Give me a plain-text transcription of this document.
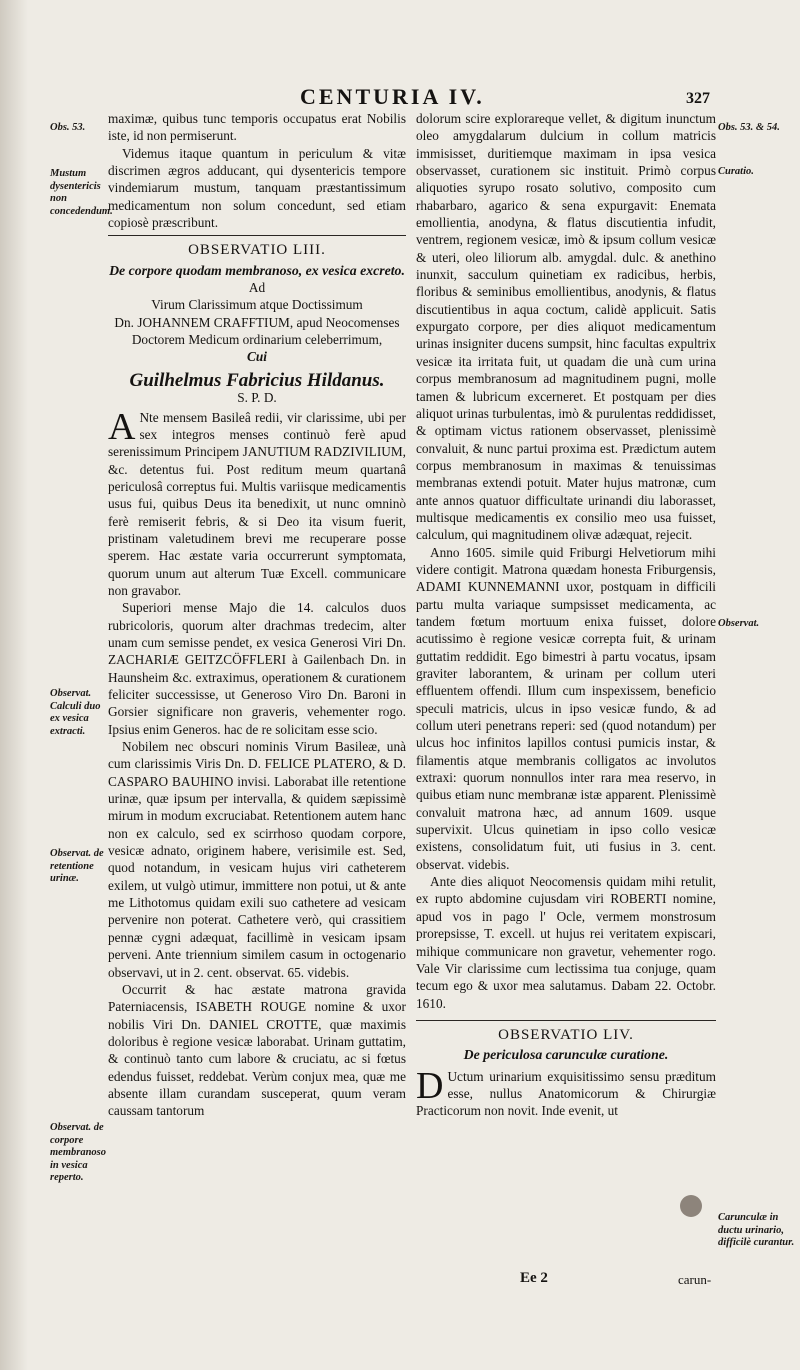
CENTURIA IV.	327
Obs. 53.
Mustum dysentericis non concedendum.
Observat. Calculi duo ex vesica extracti.
Observat. de retentione urinæ.
Observat. de corpore membranoso in vesica reperto.
Obs. 53. & 54.
Curatio.
Observat.
Carunculæ in ductu urinario, difficilè curantur.

maximæ, quibus tunc temporis occupatus erat Nobilis iste, id non permiserunt.

Videmus itaque quantum in periculum & vitæ discrimen ægros adducant, qui dysentericis tempore vindemiarum mustum, tanquam præstantissimum medicamentum non solum concedunt, sed etiam copiosè præscribunt.

OBSERVATIO LIII.
De corpore quodam membranoso, ex vesica excreto.
Ad
Virum Clarissimum atque Doctissimum
Dn. JOHANNEM CRAFFTIUM, apud Neocomenses Doctorem Medicum ordinarium celeberrimum,
Cui
Guilhelmus Fabricius Hildanus.
S. P. D.

A Nte mensem Basileâ redii, vir clarissime, ubi per sex integros menses continuò ferè apud serenissimum Principem JANUTIUM RADZIVILIUM, &c. detentus fui. Post reditum meum quartanâ periculosâ correptus fui. Multis variisque medicamentis usus fui, quibus Deus ita benedixit, ut nunc omninò ferè remiserit febris, & si Deo ita visum fuerit, pristinam valetudinem brevi me recuperare posse sperem. Hac æstate varia occurrerunt symptomata, quorum unum aut alterum Tuæ Excell. communicare non gravabor.

Superiori mense Majo die 14. calculos duos rubricoloris, quorum alter drachmas tredecim, alter unam cum semisse pendet, ex vesica Generosi Viri Dn. ZACHARIÆ GEITZCÖFFLERI à Gailenbach Dn. in Haunsheim &c. extraximus, operationem & curationem feliciter successisse, ut Generoso Viro Dn. Baroni in Gorsier significare non graveris, vehementer rogo. Ipsius enim Generos. hac de re solicitam esse scio.

Nobilem nec obscuri nominis Virum Basileæ, unà cum clarissimis Viris Dn. D. FELICE PLATERO, & D. CASPARO BAUHINO invisi. Laborabat ille retentione urinæ, quæ ipsum per intervalla, & quidem sæpissimè mirum in modum excruciabat. Retentionem autem hanc non ex calculo, sed ex scirrhoso quodam corpore, vesicæ adnato, originem habere, verisimile est. Sed, quod notandum, in vesicam hujus viri catheterem exilem, ut vulgò utimur, immittere non potui, ut & ante me Lithotomus quidam exili suo cathetere ad vesicam pervenire non poterat. Cathetere verò, qui crassitiem pennæ cygni adæquat, facillimè in vesicam ipsam perveni. Ante triennium similem casum in octogenario observavi, ut in 2. cent. observat. 65. videbis.

Occurrit & hac æstate matrona gravida Paterniacensis, ISABETH ROUGE nomine & uxor nobilis Viri Dn. DANIEL CROTTE, quæ maximis doloribus è regione vesicæ laborabat. Urinam guttatim, & continuò tanto cum labore & cruciatu, ac si fœtus edendus fuisset, reddebat. Verùm conjux mea, quæ me absente illam curandam susceperat, quum veram caussam tantorum

dolorum scire explorareque vellet, & digitum inunctum oleo amygdalarum dulcium in collum matricis immisisset, duritiemque maximam in ipsa vesica observasset, curationem sic instituit. Primò corpus aliquoties syrupo rosato solutivo, composito cum rhabarbaro, agarico & sena expurgavit: Enemata emollientia, anodyna, & flatus discutientia infudit, ventrem, regionem vesicæ, imò & ipsum collum vesicæ & uteri, oleo liliorum alb. amygdal. dulc. & anethino inunxit, sacculum quinetiam ex radicibus, herbis, floribus & seminibus emollientibus, anodynis, & flatus discutientibus in aqua coctum, calidè applicuit. Satis expurgato corpore, per dies aliquot medicamentum urinas insigniter ducens sumpsit, hinc facultas expultrix vesicæ ita irritata fuit, ut quadam die unà cum urina corpus membranosum ad magnitudinem pugni, molle tamen & lubricum excerneret. Et postquam per dies aliquot urinas turbulentas, imò & purulentas reddidisset, & optimam victus rationem observasset, plenissimè convaluit, & nunc partui proxima est. Prædictum autem corpus membranosum in maximas & tenuissimas membranas extendi potuit. Mater hujus matronæ, cum ante annos quatuor difficultate urinandi diu laborasset, multisque medicamentis ex consilio meo usa fuisset, calculum, qui magnitudinem olivæ adæquat, rejecit.

Anno 1605. simile quid Friburgi Helvetiorum mihi videre contigit. Matrona quædam honesta Friburgensis, ADAMI KUNNEMANNI uxor, postquam in difficili partu multa variaque sumpsisset medicamenta, ac tandem fœtum mortuum enixa fuisset, dolore acutissimo è regione vesicæ correpta fuit, & urinam guttatim reddidit. Ego bimestri à partu vocatus, ipsam graviter laborantem, & urinam per collum uteri effluentem offendi. Illum cum inspexissem, beneficio speculi matricis, ulcus in ipso vesicæ fundo, & ad collum uteri penetrans reperi: sed (quod notandum) per ulcus hoc infinitos lapillos contusi pumicis instar, & filamentis atque membranis colligatos ac involutos extraxi: quorum nonnullos inter rara mea reservo, in quibus etiam nunc membranæ istæ apparent. Plenissimè convaluit matrona hæc, ad annum 1609. usque supervixit. Ulcus quinetiam in ipso collo vesicæ existens, consolidatum fuit, uti fusius in 3. cent. observat. videbis.

Ante dies aliquot Neocomensis quidam mihi retulit, ex rupto abdomine cujusdam viri ROBERTI nomine, apud vos in pago l' Ocle, vermem monstrosum prorepsisse, T. excell. ut hujus rei veritatem expiscari, mihique communicare non gravetur, vehementer rogo. Vale Vir clarissime cum lectissima tua conjuge, quam tecum ego & uxor mea salutamus. Dabam 22. Octobr. 1610.

OBSERVATIO LIV.
De periculosa carunculæ curatione.

D Uctum urinarium exquisitissimo sensu præditum esse, nullus Anatomicorum & Chirurgiæ Practicorum non novit. Inde evenit, ut

Ee 2	carun-
